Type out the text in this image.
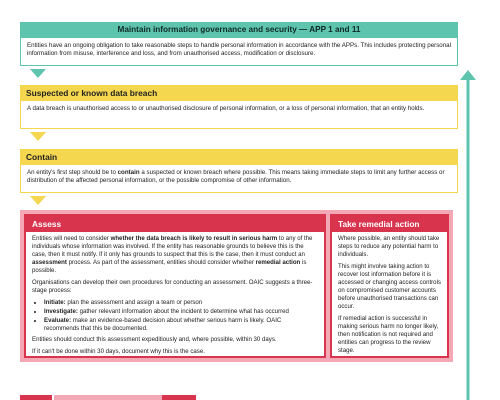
Maintain information governance and security — APP 1 and 11
Entities have an ongoing obligation to take reasonable steps to handle personal information in accordance with the APPs. This includes protecting personal information from misuse, interference and loss, and from unauthorised access, modification or disclosure.
Suspected or known data breach
A data breach is unauthorised access to or unauthorised disclosure of personal information, or a loss of personal information, that an entity holds.
Contain
An entity's first step should be to contain a suspected or known breach where possible. This means taking immediate steps to limit any further access or distribution of the affected personal information, or the possible compromise of other information.
Assess

Entities will need to consider whether the data breach is likely to result in serious harm to any of the individuals whose information was involved. If the entity has reasonable grounds to believe this is the case, then it must notify. If it only has grounds to suspect that this is the case, then it must conduct an assessment process. As part of the assessment, entities should consider whether remedial action is possible.

Organisations can develop their own procedures for conducting an assessment. OAIC suggests a three-stage process:

• Initiate: plan the assessment and assign a team or person
• Investigate: gather relevant information about the incident to determine what has occurred
• Evaluate: make an evidence-based decision about whether serious harm is likely. OAIC recommends that this be documented.

Entities should conduct this assessment expeditiously and, where possible, within 30 days.

If it can't be done within 30 days, document why this is the case.

Take remedial action

Where possible, an entity should take steps to reduce any potential harm to individuals.

This might involve taking action to recover lost information before it is accessed or changing access controls on compromised customer accounts before unauthorised transactions can occur.

If remedial action is successful in making serious harm no longer likely, then notification is not required and entities can progress to the review stage.
